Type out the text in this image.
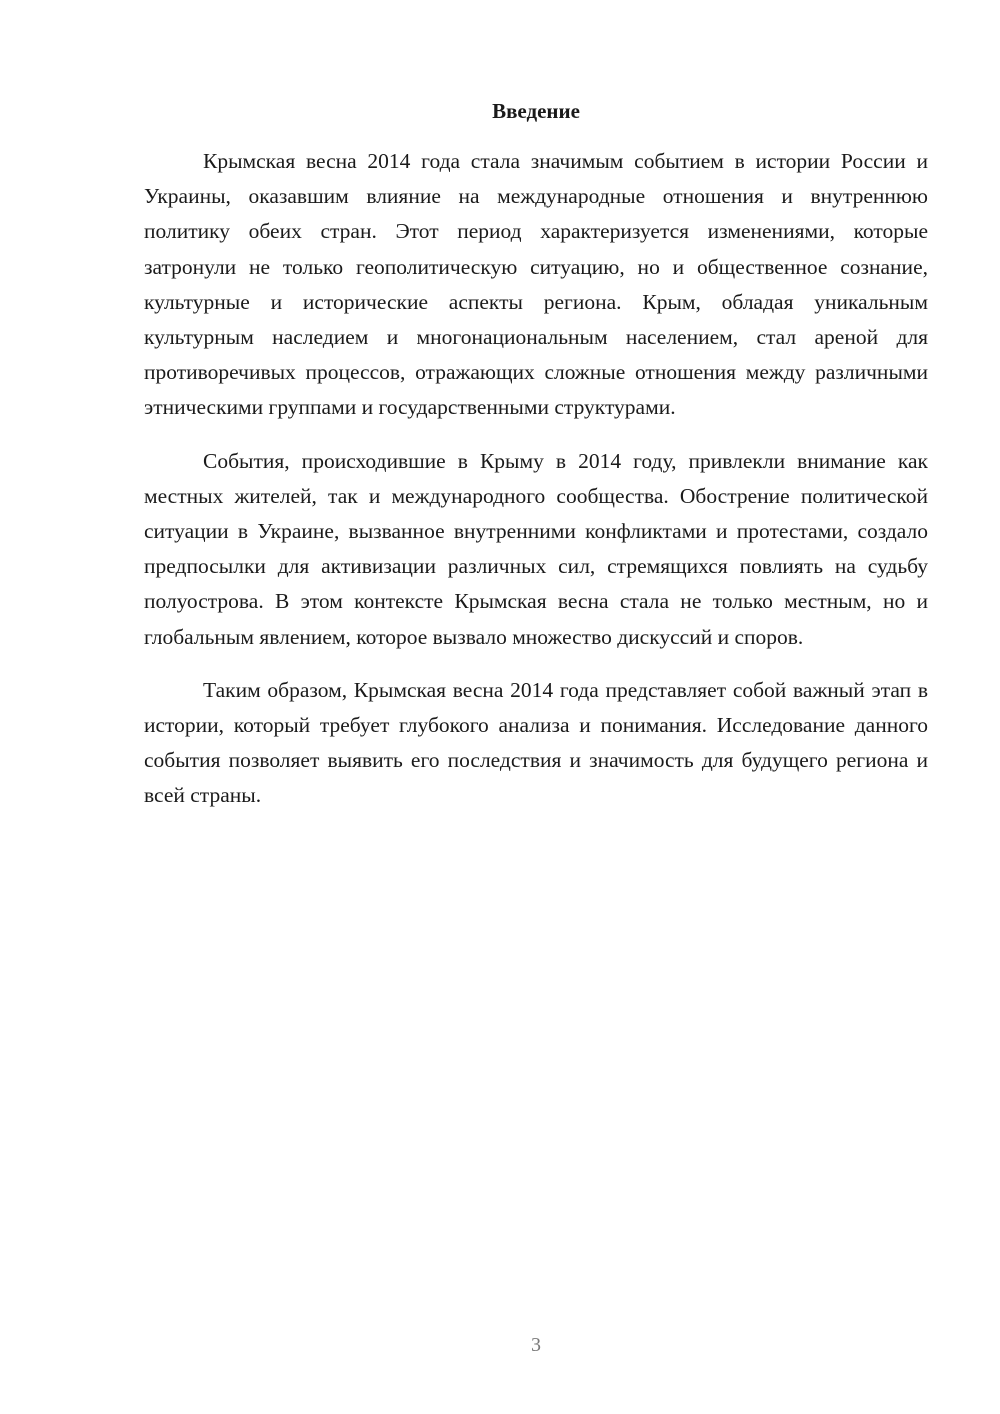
Введение

Крымская весна 2014 года стала значимым событием в истории России и Украины, оказавшим влияние на международные отношения и внутреннюю политику обеих стран. Этот период характеризуется изменениями, которые затронули не только геополитическую ситуацию, но и общественное сознание, культурные и исторические аспекты региона. Крым, обладая уникальным культурным наследием и многонациональным населением, стал ареной для противоречивых процессов, отражающих сложные отношения между различными этническими группами и государственными структурами.

События, происходившие в Крыму в 2014 году, привлекли внимание как местных жителей, так и международного сообщества. Обострение политической ситуации в Украине, вызванное внутренними конфликтами и протестами, создало предпосылки для активизации различных сил, стремящихся повлиять на судьбу полуострова. В этом контексте Крымская весна стала не только местным, но и глобальным явлением, которое вызвало множество дискуссий и споров.

Таким образом, Крымская весна 2014 года представляет собой важный этап в истории, который требует глубокого анализа и понимания. Исследование данного события позволяет выявить его последствия и значимость для будущего региона и всей страны.

3
